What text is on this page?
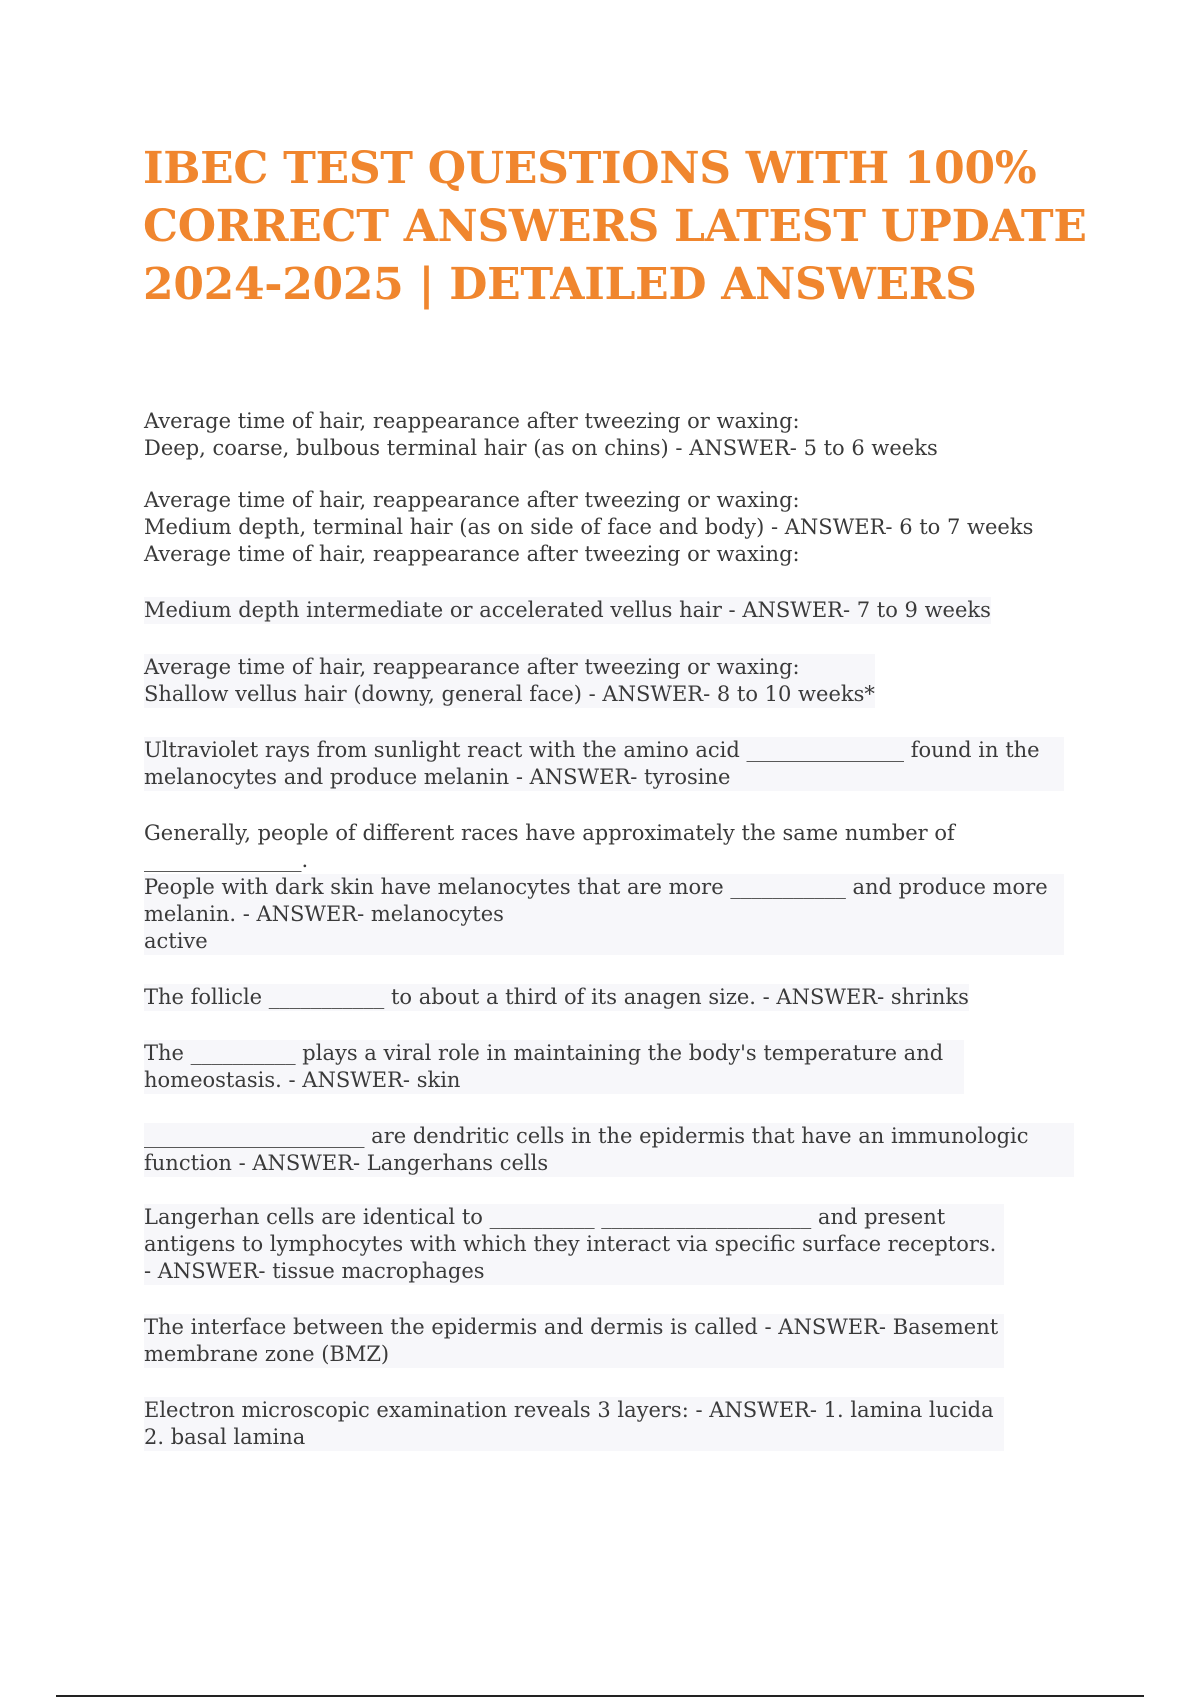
IBEC TEST QUESTIONS WITH 100% CORRECT ANSWERS LATEST UPDATE 2024-2025 | DETAILED ANSWERS
Average time of hair, reappearance after tweezing or waxing:
Deep, coarse, bulbous terminal hair (as on chins) - ANSWER- 5 to 6 weeks
Average time of hair, reappearance after tweezing or waxing:
Medium depth, terminal hair (as on side of face and body) - ANSWER- 6 to 7 weeks
Average time of hair, reappearance after tweezing or waxing:
Medium depth intermediate or accelerated vellus hair - ANSWER- 7 to 9 weeks
Average time of hair, reappearance after tweezing or waxing:
Shallow vellus hair (downy, general face) - ANSWER- 8 to 10 weeks*
Ultraviolet rays from sunlight react with the amino acid _______________ found in the melanocytes and produce melanin - ANSWER- tyrosine
Generally, people of different races have approximately the same number of
_______________.
People with dark skin have melanocytes that are more ___________ and produce more melanin. - ANSWER- melanocytes
active
The follicle ___________ to about a third of its anagen size. - ANSWER- shrinks
The __________ plays a viral role in maintaining the body's temperature and homeostasis. - ANSWER- skin
_____________________ are dendritic cells in the epidermis that have an immunologic function - ANSWER- Langerhans cells
Langerhan cells are identical to __________ ____________________ and present antigens to lymphocytes with which they interact via specific surface receptors. - ANSWER- tissue macrophages
The interface between the epidermis and dermis is called - ANSWER- Basement membrane zone (BMZ)
Electron microscopic examination reveals 3 layers: - ANSWER- 1. lamina lucida
2. basal lamina
